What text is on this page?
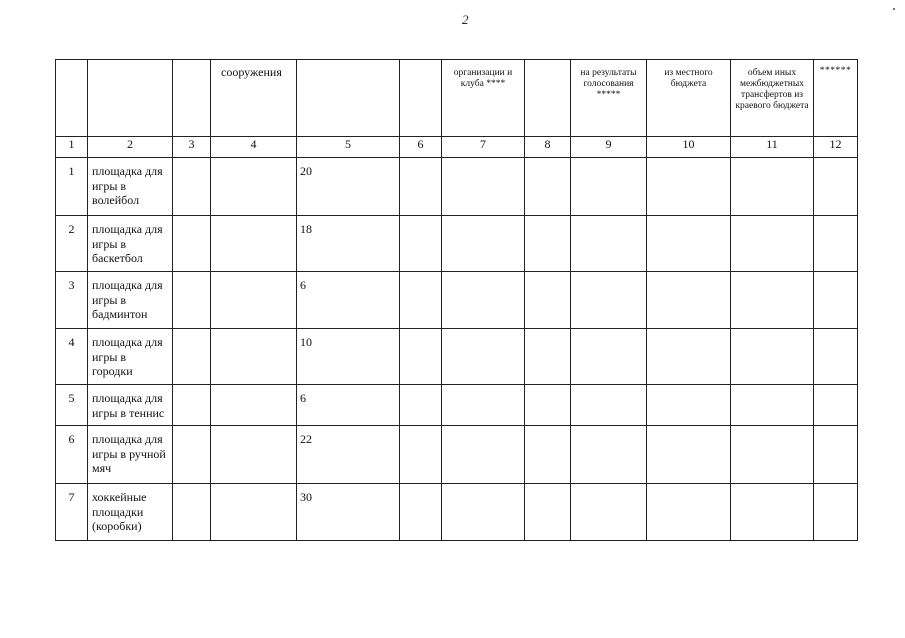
2

			сооружения			организации и клуба ****		на результаты голосования *****	из местного бюджета	объем иных межбюджетных трансфертов из краевого бюджета	******

1	2	3	4	5	6	7	8	9	10	11	12

1	площадка для игры в волейбол			20							

2	площадка для игры в баскетбол			18							

3	площадка для игры в бадминтон			6							

4	площадка для игры в городки			10							

5	площадка для игры в теннис			6							

6	площадка для игры в ручной мяч			22							

7	хоккейные площадки (коробки)			30							
